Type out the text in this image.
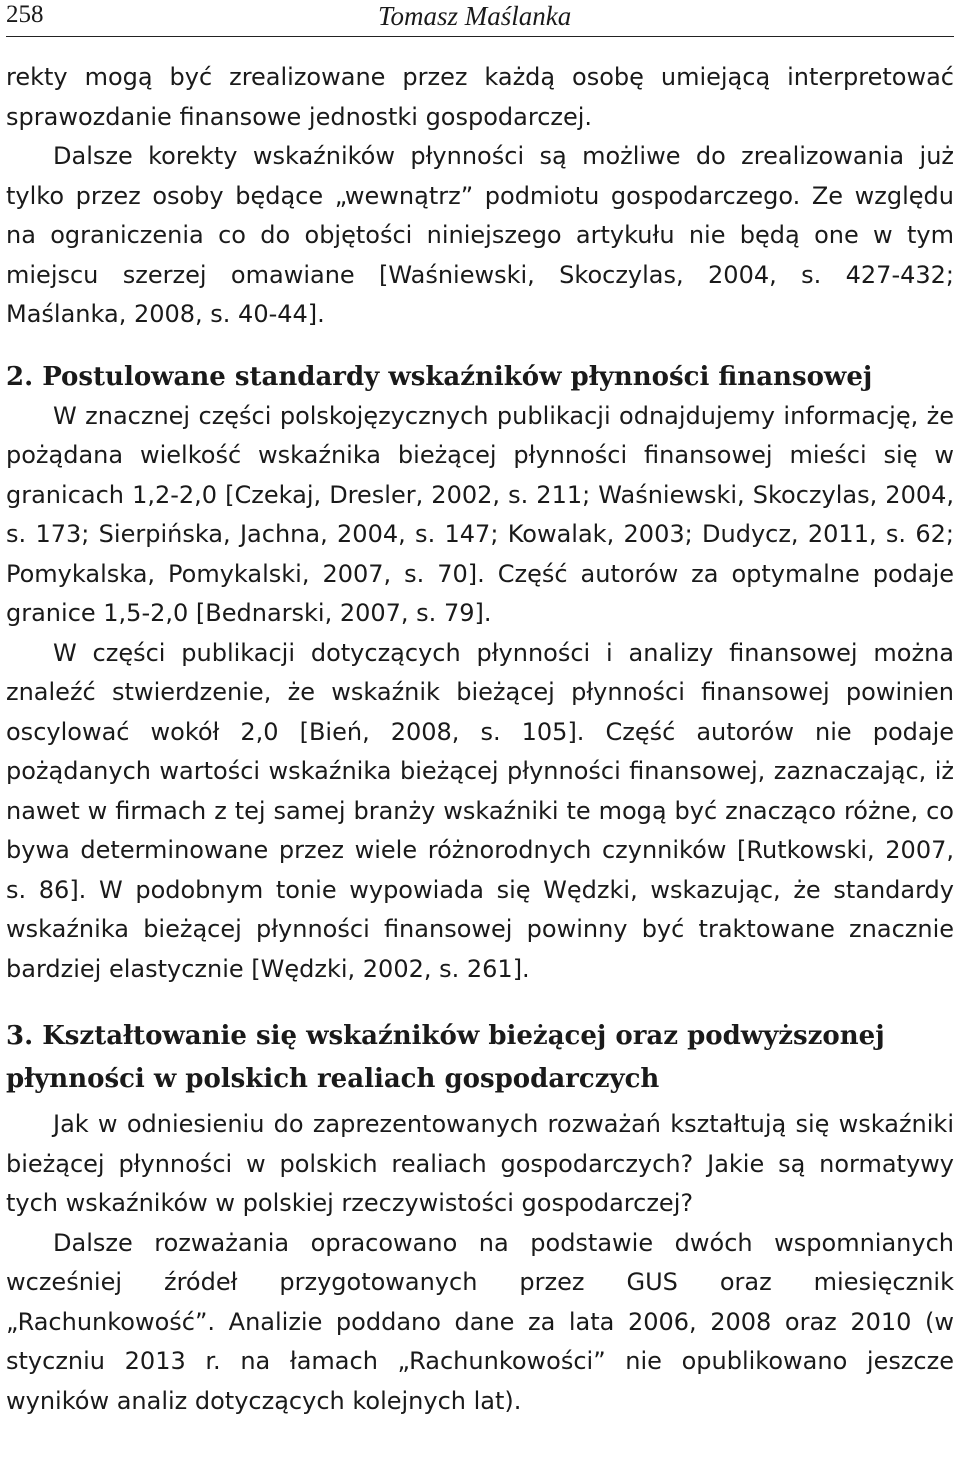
258	Tomasz Maślanka

rekty mogą być zrealizowane przez każdą osobę umiejącą interpretować sprawozdanie finansowe jednostki gospodarczej.

Dalsze korekty wskaźników płynności są możliwe do zrealizowania już tylko przez osoby będące „wewnątrz” podmiotu gospodarczego. Ze względu na ograniczenia co do objętości niniejszego artykułu nie będą one w tym miejscu szerzej omawiane [Waśniewski, Skoczylas, 2004, s. 427-432; Maślanka, 2008, s. 40-44].

2. Postulowane standardy wskaźników płynności finansowej

W znacznej części polskojęzycznych publikacji odnajdujemy informację, że pożądana wielkość wskaźnika bieżącej płynności finansowej mieści się w granicach 1,2-2,0 [Czekaj, Dresler, 2002, s. 211; Waśniewski, Skoczylas, 2004, s. 173; Sierpińska, Jachna, 2004, s. 147; Kowalak, 2003; Dudycz, 2011, s. 62; Pomykalska, Pomykalski, 2007, s. 70]. Część autorów za optymalne podaje granice 1,5-2,0 [Bednarski, 2007, s. 79].

W części publikacji dotyczących płynności i analizy finansowej można znaleźć stwierdzenie, że wskaźnik bieżącej płynności finansowej powinien oscylować wokół 2,0 [Bień, 2008, s. 105]. Część autorów nie podaje pożądanych wartości wskaźnika bieżącej płynności finansowej, zaznaczając, iż nawet w firmach z tej samej branży wskaźniki te mogą być znacząco różne, co bywa determinowane przez wiele różnorodnych czynników [Rutkowski, 2007, s. 86]. W podobnym tonie wypowiada się Wędzki, wskazując, że standardy wskaźnika bieżącej płynności finansowej powinny być traktowane znacznie bardziej elastycznie [Wędzki, 2002, s. 261].

3. Kształtowanie się wskaźników bieżącej oraz podwyższonej płynności w polskich realiach gospodarczych

Jak w odniesieniu do zaprezentowanych rozważań kształtują się wskaźniki bieżącej płynności w polskich realiach gospodarczych? Jakie są normatywy tych wskaźników w polskiej rzeczywistości gospodarczej?

Dalsze rozważania opracowano na podstawie dwóch wspomnianych wcześniej źródeł przygotowanych przez GUS oraz miesięcznik „Rachunkowość”. Analizie poddano dane za lata 2006, 2008 oraz 2010 (w styczniu 2013 r. na łamach „Rachunkowości” nie opublikowano jeszcze wyników analiz dotyczących kolejnych lat).
